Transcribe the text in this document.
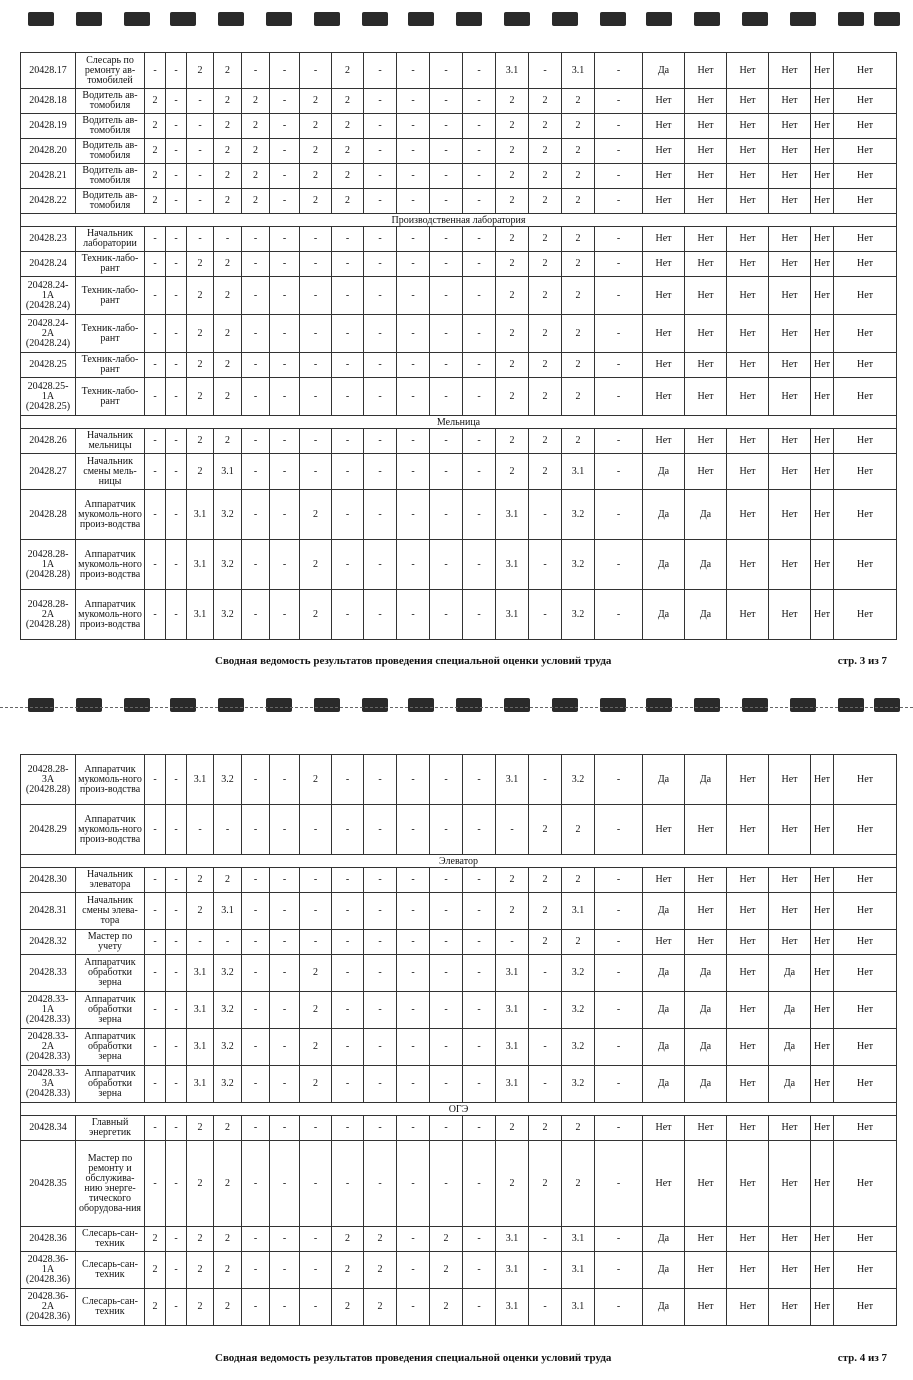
20428.17	Слесарь по ремонту ав-томобилей	-	-	2	2	-	-	-	2	-	-	-	-	3.1	-	3.1	-	Да	Нет	Нет	Нет	Нет	Нет
20428.18	Водитель ав-томобиля	2	-	-	2	2	-	2	2	-	-	-	-	2	2	2	-	Нет	Нет	Нет	Нет	Нет	Нет
20428.19	Водитель ав-томобиля	2	-	-	2	2	-	2	2	-	-	-	-	2	2	2	-	Нет	Нет	Нет	Нет	Нет	Нет
20428.20	Водитель ав-томобиля	2	-	-	2	2	-	2	2	-	-	-	-	2	2	2	-	Нет	Нет	Нет	Нет	Нет	Нет
20428.21	Водитель ав-томобиля	2	-	-	2	2	-	2	2	-	-	-	-	2	2	2	-	Нет	Нет	Нет	Нет	Нет	Нет
20428.22	Водитель ав-томобиля	2	-	-	2	2	-	2	2	-	-	-	-	2	2	2	-	Нет	Нет	Нет	Нет	Нет	Нет
Производственная лаборатория																							
20428.23	Начальник лаборатории	-	-	-	-	-	-	-	-	-	-	-	-	2	2	2	-	Нет	Нет	Нет	Нет	Нет	Нет
20428.24	Техник-лабо-рант	-	-	2	2	-	-	-	-	-	-	-	-	2	2	2	-	Нет	Нет	Нет	Нет	Нет	Нет
20428.24-1А (20428.24)	Техник-лабо-рант	-	-	2	2	-	-	-	-	-	-	-	-	2	2	2	-	Нет	Нет	Нет	Нет	Нет	Нет
20428.24-2А (20428.24)	Техник-лабо-рант	-	-	2	2	-	-	-	-	-	-	-	-	2	2	2	-	Нет	Нет	Нет	Нет	Нет	Нет
20428.25	Техник-лабо-рант	-	-	2	2	-	-	-	-	-	-	-	-	2	2	2	-	Нет	Нет	Нет	Нет	Нет	Нет
20428.25-1А (20428.25)	Техник-лабо-рант	-	-	2	2	-	-	-	-	-	-	-	-	2	2	2	-	Нет	Нет	Нет	Нет	Нет	Нет
Мельница																							
20428.26	Начальник мельницы	-	-	2	2	-	-	-	-	-	-	-	-	2	2	2	-	Нет	Нет	Нет	Нет	Нет	Нет
20428.27	Начальник смены мель-ницы	-	-	2	3.1	-	-	-	-	-	-	-	-	2	2	3.1	-	Да	Нет	Нет	Нет	Нет	Нет
20428.28	Аппаратчик мукомоль-ного произ-водства	-	-	3.1	3.2	-	-	2	-	-	-	-	-	3.1	-	3.2	-	Да	Да	Нет	Нет	Нет	Нет
20428.28-1А (20428.28)	Аппаратчик мукомоль-ного произ-водства	-	-	3.1	3.2	-	-	2	-	-	-	-	-	3.1	-	3.2	-	Да	Да	Нет	Нет	Нет	Нет
20428.28-2А (20428.28)	Аппаратчик мукомоль-ного произ-водства	-	-	3.1	3.2	-	-	2	-	-	-	-	-	3.1	-	3.2	-	Да	Да	Нет	Нет	Нет	Нет
Сводная ведомость результатов проведения специальной оценки условий труда	стр. 3 из 7
20428.28-3А (20428.28)	Аппаратчик мукомоль-ного произ-водства	-	-	3.1	3.2	-	-	2	-	-	-	-	-	3.1	-	3.2	-	Да	Да	Нет	Нет	Нет	Нет
20428.29	Аппаратчик мукомоль-ного произ-водства	-	-	-	-	-	-	-	-	-	-	-	-	-	2	2	-	Нет	Нет	Нет	Нет	Нет	Нет
Элеватор																							
20428.30	Начальник элеватора	-	-	2	2	-	-	-	-	-	-	-	-	2	2	2	-	Нет	Нет	Нет	Нет	Нет	Нет
20428.31	Начальник смены элева-тора	-	-	2	3.1	-	-	-	-	-	-	-	-	2	2	3.1	-	Да	Нет	Нет	Нет	Нет	Нет
20428.32	Мастер по учету	-	-	-	-	-	-	-	-	-	-	-	-	-	2	2	-	Нет	Нет	Нет	Нет	Нет	Нет
20428.33	Аппаратчик обработки зерна	-	-	3.1	3.2	-	-	2	-	-	-	-	-	3.1	-	3.2	-	Да	Да	Нет	Да	Нет	Нет
20428.33-1А (20428.33)	Аппаратчик обработки зерна	-	-	3.1	3.2	-	-	2	-	-	-	-	-	3.1	-	3.2	-	Да	Да	Нет	Да	Нет	Нет
20428.33-2А (20428.33)	Аппаратчик обработки зерна	-	-	3.1	3.2	-	-	2	-	-	-	-	-	3.1	-	3.2	-	Да	Да	Нет	Да	Нет	Нет
20428.33-3А (20428.33)	Аппаратчик обработки зерна	-	-	3.1	3.2	-	-	2	-	-	-	-	-	3.1	-	3.2	-	Да	Да	Нет	Да	Нет	Нет
ОГЭ																							
20428.34	Главный энергетик	-	-	2	2	-	-	-	-	-	-	-	-	2	2	2	-	Нет	Нет	Нет	Нет	Нет	Нет
20428.35	Мастер по ремонту и обслужива-нию энерге-тического оборудова-ния	-	-	2	2	-	-	-	-	-	-	-	-	2	2	2	-	Нет	Нет	Нет	Нет	Нет	Нет
20428.36	Слесарь-сан-техник	2	-	2	2	-	-	-	2	2	-	2	-	3.1	-	3.1	-	Да	Нет	Нет	Нет	Нет	Нет
20428.36-1А (20428.36)	Слесарь-сан-техник	2	-	2	2	-	-	-	2	2	-	2	-	3.1	-	3.1	-	Да	Нет	Нет	Нет	Нет	Нет
20428.36-2А (20428.36)	Слесарь-сан-техник	2	-	2	2	-	-	-	2	2	-	2	-	3.1	-	3.1	-	Да	Нет	Нет	Нет	Нет	Нет
Сводная ведомость результатов проведения специальной оценки условий труда	стр. 4 из 7
